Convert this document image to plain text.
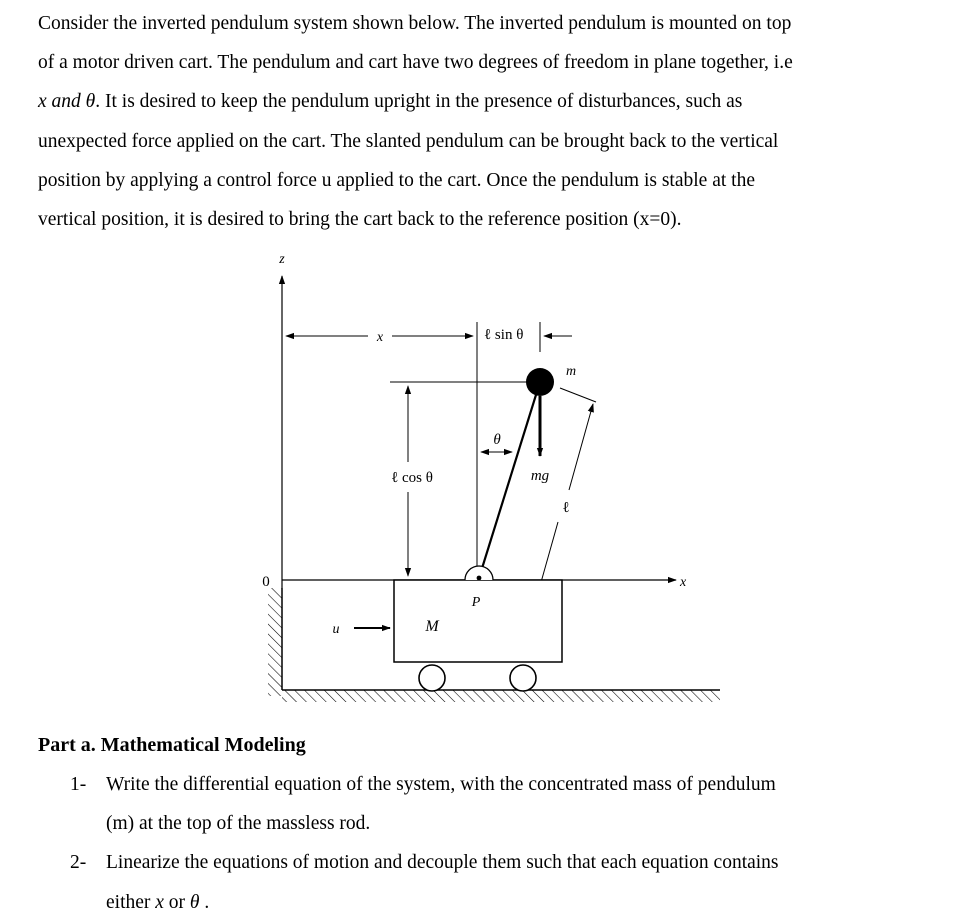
Consider the inverted pendulum system shown below. The inverted pendulum is mounted on top
of a motor driven cart. The pendulum and cart have two degrees of freedom in plane together, i.e
x and θ. It is desired to keep the pendulum upright in the presence of disturbances, such as
unexpected force applied on the cart. The slanted pendulum can be brought back to the vertical
position by applying a control force u applied to the cart. Once the pendulum is stable at the
vertical position, it is desired to bring the cart back to the reference position (x=0).
z
x
0
x	ℓ sin θ
ℓ cos θ
m
mg
θ
ℓ
M
P
u
Part a. Mathematical Modeling
1-	Write the differential equation of the system, with the concentrated mass of pendulum
(m) at the top of the massless rod.
2-	Linearize the equations of motion and decouple them such that each equation contains
either x or θ .
